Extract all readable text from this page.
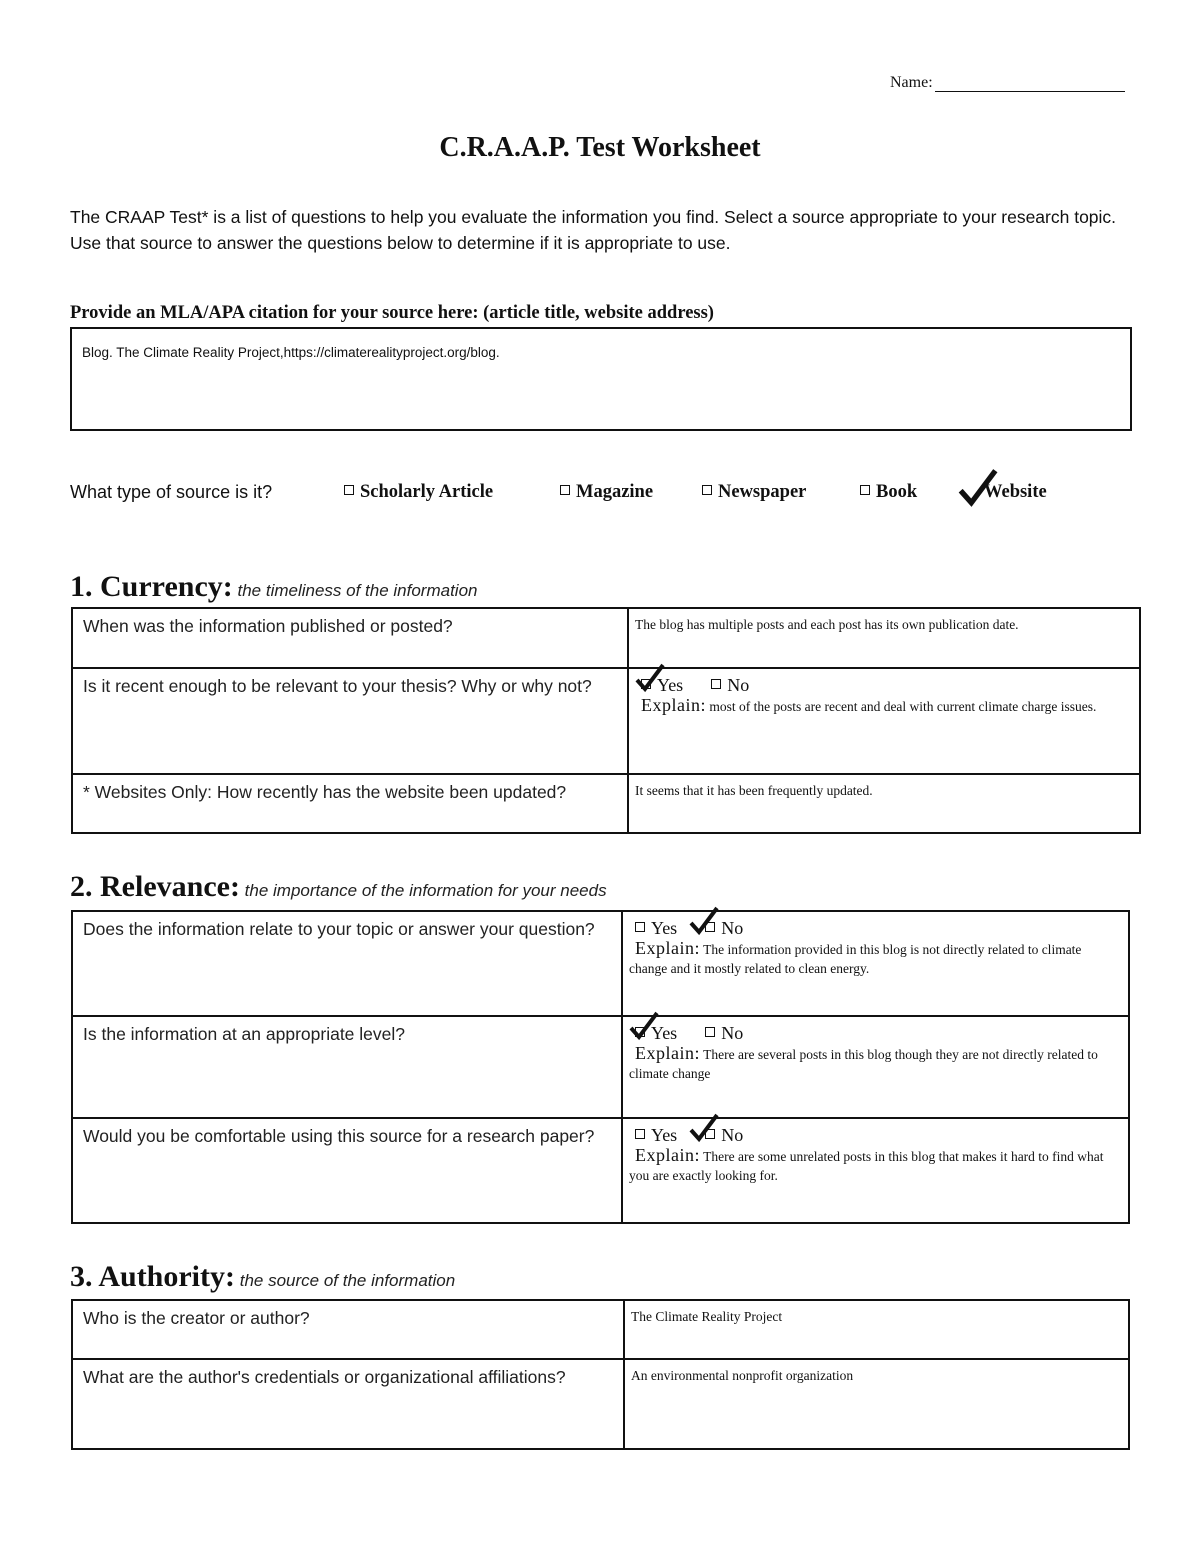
Name:
C.R.A.A.P. Test Worksheet
The CRAAP Test* is a list of questions to help you evaluate the information you find. Select a source appropriate to your research topic. Use that source to answer the questions below to determine if it is appropriate to use.
Provide an MLA/APA citation for your source here: (article title, website address)
Blog. The Climate Reality Project,https://climaterealityproject.org/blog.
What type of source is it?	Scholarly Article	Magazine	Newspaper	Book	Website
1. Currency: the timeliness of the information
When was the information published or posted?	The blog has multiple posts and each post has its own publication date.

Is it recent enough to be relevant to your thesis? Why or why not?	Yes No
Explain: most of the posts are recent and deal with current climate charge issues.

* Websites Only: How recently has the website been updated?	It seems that it has been frequently updated.
2. Relevance: the importance of the information for your needs
Does the information relate to your topic or answer your question?	Yes No
Explain: The information provided in this blog is not directly related to climate change and it mostly related to clean energy.

Is the information at an appropriate level?	Yes No
Explain: There are several posts in this blog though they are not directly related to climate change

Would you be comfortable using this source for a research paper?	Yes No
Explain: There are some unrelated posts in this blog that makes it hard to find what you are exactly looking for.
3. Authority: the source of the information
Who is the creator or author?	The Climate Reality Project

What are the author's credentials or organizational affiliations?	An environmental nonprofit organization
